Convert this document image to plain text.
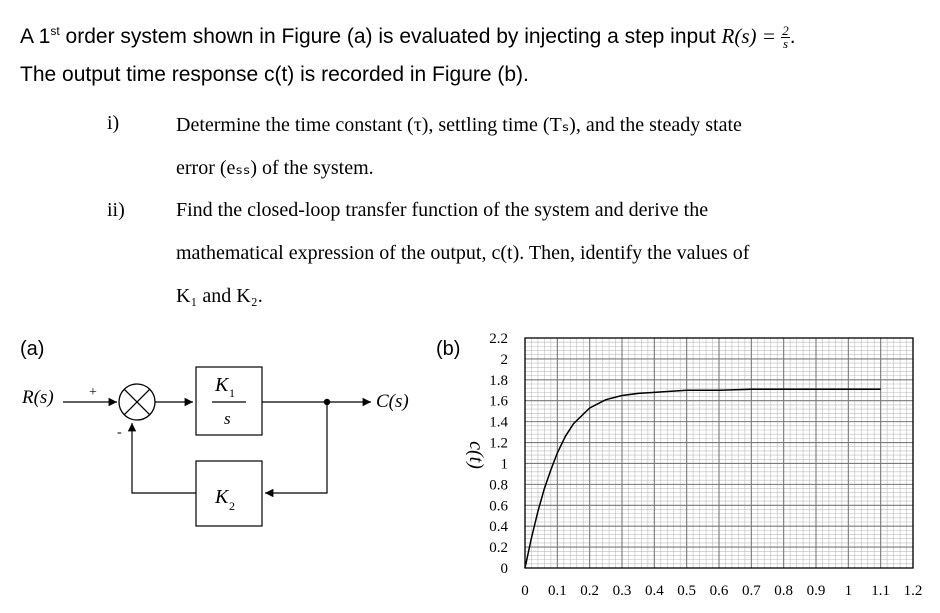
A 1st order system shown in Figure (a) is evaluated by injecting a step input $R(s) = \frac{2}{s}$ .
The output time response c(t) is recorded in Figure (b).
i)	Determine the time constant (τ), settling time (Tₛ), and the steady state
error (eₛₛ) of the system.
ii)	Find the closed-loop transfer function of the system and derive the
mathematical expression of the output, c(t). Then, identify the values of
K₁ and K₂.
(a)
R(s)	+	K 1
s
C(s)
K 2
-
(b)
0
0.2
0.4
0.6
0.8
1
1.2
1.4
1.6
1.8
2
2.2
0 0.1 0.2 0.3 0.4 0.5 0.6 0.7 0.8 0.9 1 1.1 1.2
c(t)
